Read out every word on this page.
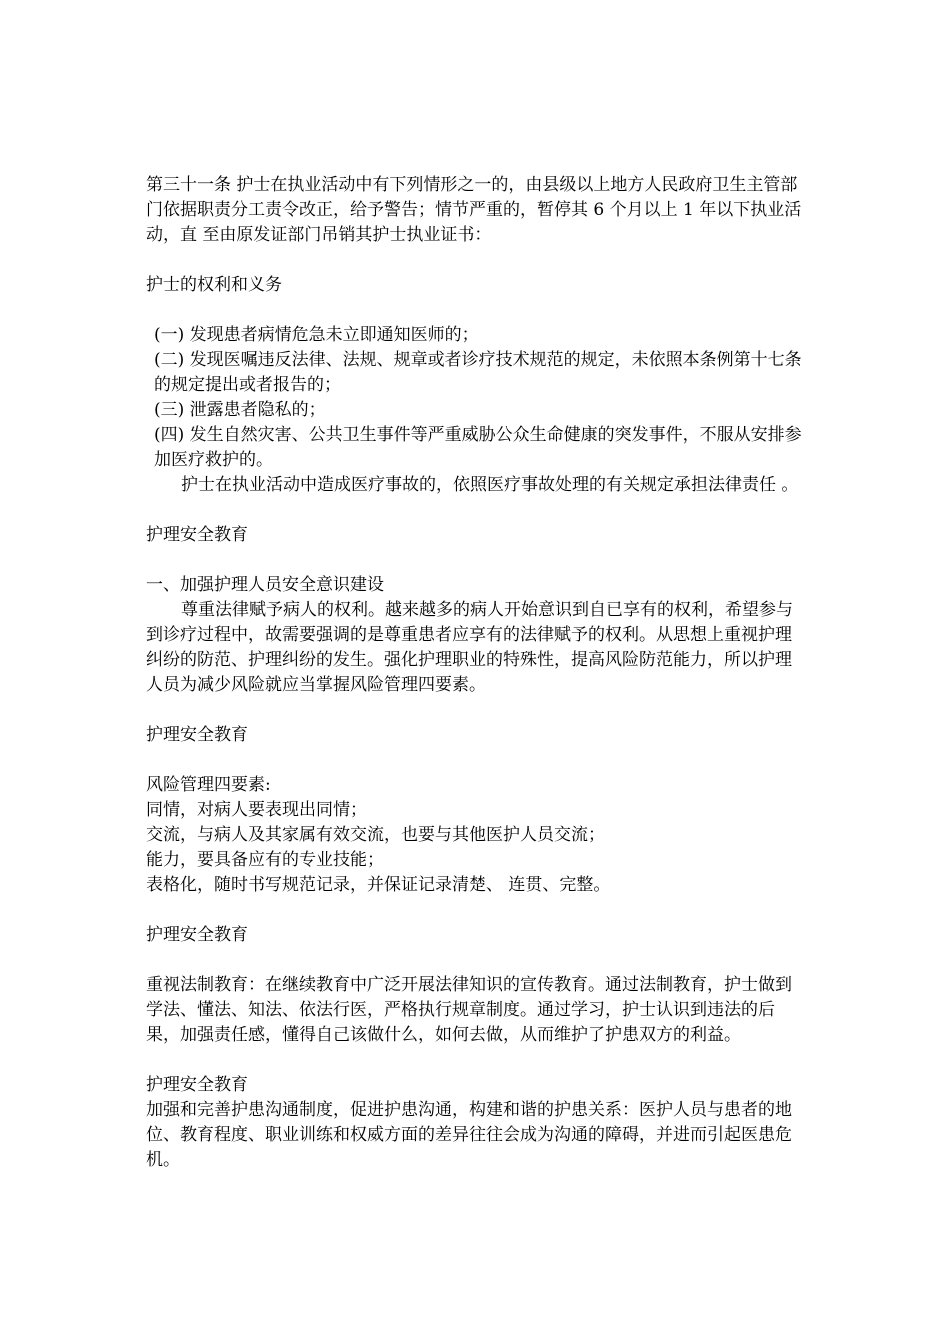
第三十一条 护士在执业活动中有下列情形之一的，由县级以上地方人民政府卫生主管部 门依据职责分工责令改正，给予警告；情节严重的，暂停其 6 个月以上 1 年以下执业活动，直 至由原发证部门吊销其护士执业证书：

护士的权利和义务

(一) 发现患者病情危急未立即通知医师的；

(二) 发现医嘱违反法律、法规、规章或者诊疗技术规范的规定，未依照本条例第十七条的规定提出或者报告的；

(三) 泄露患者隐私的；

(四) 发生自然灾害、公共卫生事件等严重威胁公众生命健康的突发事件，不服从安排参加医疗救护的。

护士在执业活动中造成医疗事故的，依照医疗事故处理的有关规定承担法律责任 。

护理安全教育

一、加强护理人员安全意识建设

尊重法律赋予病人的权利。越来越多的病人开始意识到自已享有的权利，希望参与到诊疗过程中，故需要强调的是尊重患者应享有的法律赋予的权利。从思想上重视护理纠纷的防范、护理纠纷的发生。强化护理职业的特殊性，提高风险防范能力，所以护理人员为减少风险就应当掌握风险管理四要素。

护理安全教育

风险管理四要素:

同情，对病人要表现出同情；

交流，与病人及其家属有效交流，也要与其他医护人员交流；

能力，要具备应有的专业技能；

表格化，随时书写规范记录，并保证记录清楚、 连贯、完整。

护理安全教育

重视法制教育：在继续教育中广泛开展法律知识的宣传教育。通过法制教育，护士做到学法、懂法、知法、依法行医，严格执行规章制度。通过学习，护士认识到违法的后果，加强责任感，懂得自己该做什么，如何去做，从而维护了护患双方的利益。

护理安全教育

加强和完善护患沟通制度，促进护患沟通，构建和谐的护患关系：医护人员与患者的地位、教育程度、职业训练和权威方面的差异往往会成为沟通的障碍，并进而引起医患危机。
